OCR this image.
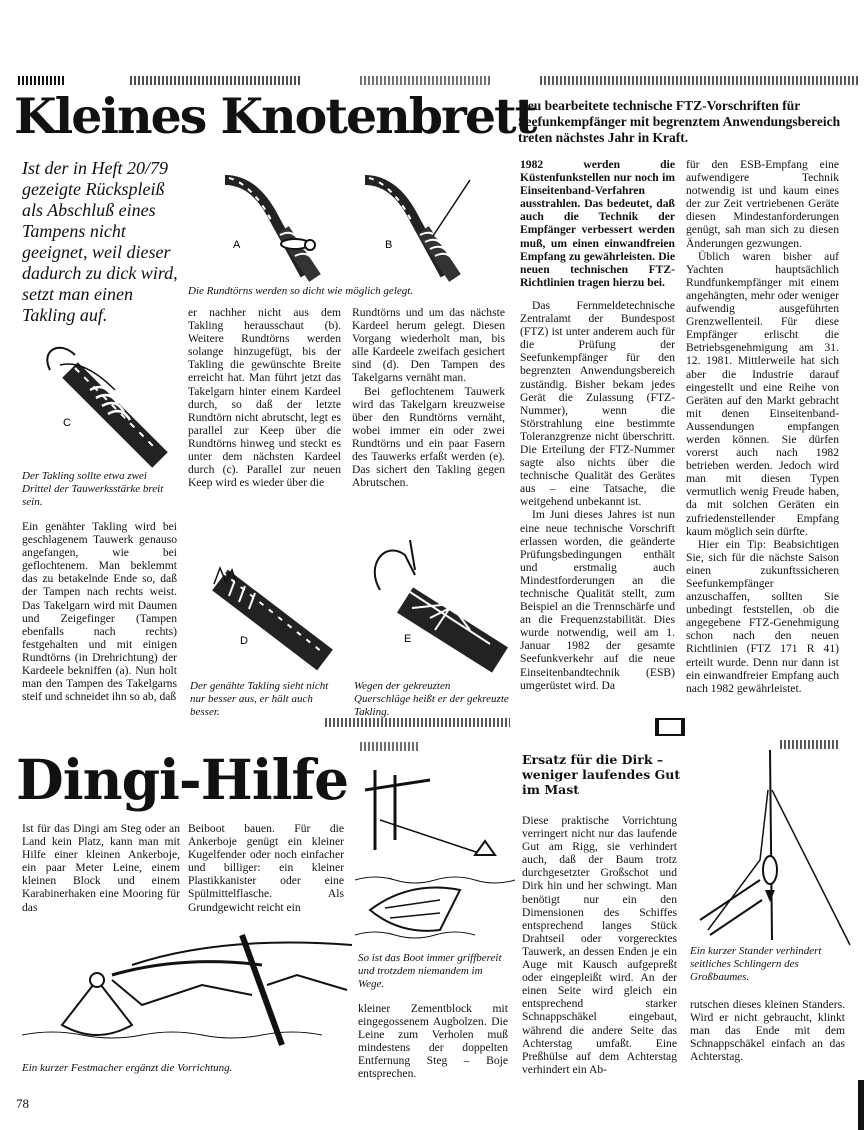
Kleines Knotenbrett
Ist der in Heft 20/79 gezeigte Rückspleiß als Abschluß eines Tampens nicht geeignet, weil dieser dadurch zu dick wird, setzt man einen Takling auf.
A	B
Die Rundtörns werden so dicht wie möglich gelegt.
C
Der Takling sollte etwa zwei Drittel der Tauwerksstärke breit sein.

Ein genähter Takling wird bei geschlagenem Tauwerk genauso angefangen, wie bei geflochtenem. Man beklemmt das zu betakelnde Ende so, daß der Tampen nach rechts weist. Das Takelgarn wird mit Daumen und Zeigefinger (Tampen ebenfalls nach rechts) festgehalten und mit einigen Rundtörns (in Drehrichtung) der Kardeele bekniffen (a). Nun holt man den Tampen des Takelgarns steif und schneidet ihn so ab, daß

er nachher nicht aus dem Takling herausschaut (b). Weitere Rundtörns werden solange hinzugefügt, bis der Takling die gewünschte Breite erreicht hat. Man führt jetzt das Takelgarn hinter einem Kardeel durch, so daß der letzte Rundtörn nicht abrutscht, legt es parallel zur Keep über die Rundtörns hinweg und steckt es unter dem nächsten Kardeel durch (c). Parallel zur neuen Keep wird es wieder über die

Rundtörns und um das nächste Kardeel herum gelegt. Diesen Vorgang wiederholt man, bis alle Kardeele zweifach gesichert sind (d). Den Tampen des Takelgarns vernäht man.

Bei geflochtenem Tauwerk wird das Takelgarn kreuzweise über den Rundtörns vernäht, wobei immer ein oder zwei Rundtörns und ein paar Fasern des Tauwerks erfaßt werden (e). Das sichert den Takling gegen Abrutschen.

D
Der genähte Takling sieht nicht nur besser aus, er hält auch besser.
E
Wegen der gekreuzten Querschläge heißt er der gekreuzte Takling.
Neu bearbeitete technische FTZ-Vorschriften für Seefunkempfänger mit begrenztem Anwendungsbereich treten nächstes Jahr in Kraft.

1982 werden die Küstenfunkstellen nur noch im Einseitenband-Verfahren ausstrahlen. Das bedeutet, daß auch die Technik der Empfänger verbessert werden muß, um einen einwandfreien Empfang zu gewährleisten. Die neuen technischen FTZ-Richtlinien tragen hierzu bei.

Das Fernmeldetechnische Zentralamt der Bundespost (FTZ) ist unter anderem auch für die Prüfung der Seefunkempfänger für den begrenzten Anwendungsbereich zuständig. Bisher bekam jedes Gerät die Zulassung (FTZ-Nummer), wenn die Störstrahlung eine bestimmte Toleranzgrenze nicht überschritt. Die Erteilung der FTZ-Nummer sagte also nichts über die technische Qualität des Gerätes aus – eine Tatsache, die weitgehend unbekannt ist.

Im Juni dieses Jahres ist nun eine neue technische Vorschrift erlassen worden, die geänderte Prüfungsbedingungen enthält und erstmalig auch Mindestforderungen an die technische Qualität stellt, zum Beispiel an die Trennschärfe und an die Frequenzstabilität. Dies wurde notwendig, weil am 1. Januar 1982 der gesamte Seefunkverkehr auf die neue Einseitenbandtechnik (ESB) umgerüstet wird. Da

für den ESB-Empfang eine aufwendigere Technik notwendig ist und kaum eines der zur Zeit vertriebenen Geräte diesen Mindestanforderungen genügt, sah man sich zu diesen Änderungen gezwungen.

Üblich waren bisher auf Yachten hauptsächlich Rundfunkempfänger mit einem angehängten, mehr oder weniger aufwendig ausgeführten Grenzwellenteil. Für diese Empfänger erlischt die Betriebsgenehmigung am 31. 12. 1981. Mittlerweile hat sich aber die Industrie darauf eingestellt und eine Reihe von Geräten auf den Markt gebracht mit denen Einseitenband-Aussendungen empfangen werden können. Sie dürfen vorerst auch nach 1982 betrieben werden. Jedoch wird man mit diesen Typen vermutlich wenig Freude haben, da mit solchen Geräten ein zufriedenstellender Empfang kaum möglich sein dürfte.

Hier ein Tip: Beabsichtigen Sie, sich für die nächste Saison einen zukunftssicheren Seefunkempfänger anzuschaffen, sollten Sie unbedingt feststellen, ob die angegebene FTZ-Genehmigung schon nach den neuen Richtlinien (FTZ 171 R 41) erteilt wurde. Denn nur dann ist ein einwandfreier Empfang auch nach 1982 gewährleistet.

Dingi-Hilfe

Ist für das Dingi am Steg oder an Land kein Platz, kann man mit Hilfe einer kleinen Ankerboje, ein paar Meter Leine, einem kleinen Block und einem Karabinerhaken eine Mooring für das

Beiboot bauen. Für die Ankerboje genügt ein kleiner Kugelfender oder noch einfacher und billiger: ein kleiner Plastikkanister oder eine Spülmittelflasche. Als Grundgewicht reicht ein

So ist das Boot immer griffbereit und trotzdem niemandem im Wege.
Ein kurzer Festmacher ergänzt die Vorrichtung.

kleiner Zementblock mit eingegossenem Augbolzen. Die Leine zum Verholen muß mindestens der doppelten Entfernung Steg – Boje entsprechen.

Ersatz für die Dirk – weniger laufendes Gut im Mast

Diese praktische Vorrichtung verringert nicht nur das laufende Gut am Rigg, sie verhindert auch, daß der Baum trotz durchgesetzter Großschot und Dirk hin und her schwingt. Man benötigt nur ein den Dimensionen des Schiffes entsprechend langes Stück Drahtseil oder vorgerecktes Tauwerk, an dessen Enden je ein Auge mit Kausch aufgepreßt oder eingepleißt wird. An der einen Seite wird gleich ein entsprechend starker Schnappschäkel eingebaut, während die andere Seite das Achterstag umfaßt. Eine Preßhülse auf dem Achterstag verhindert ein Ab-

Ein kurzer Stander verhindert seitliches Schlingern des Großbaumes.

rutschen dieses kleinen Standers. Wird er nicht gebraucht, klinkt man das Ende mit dem Schnappschäkel einfach an das Achterstag.

78
